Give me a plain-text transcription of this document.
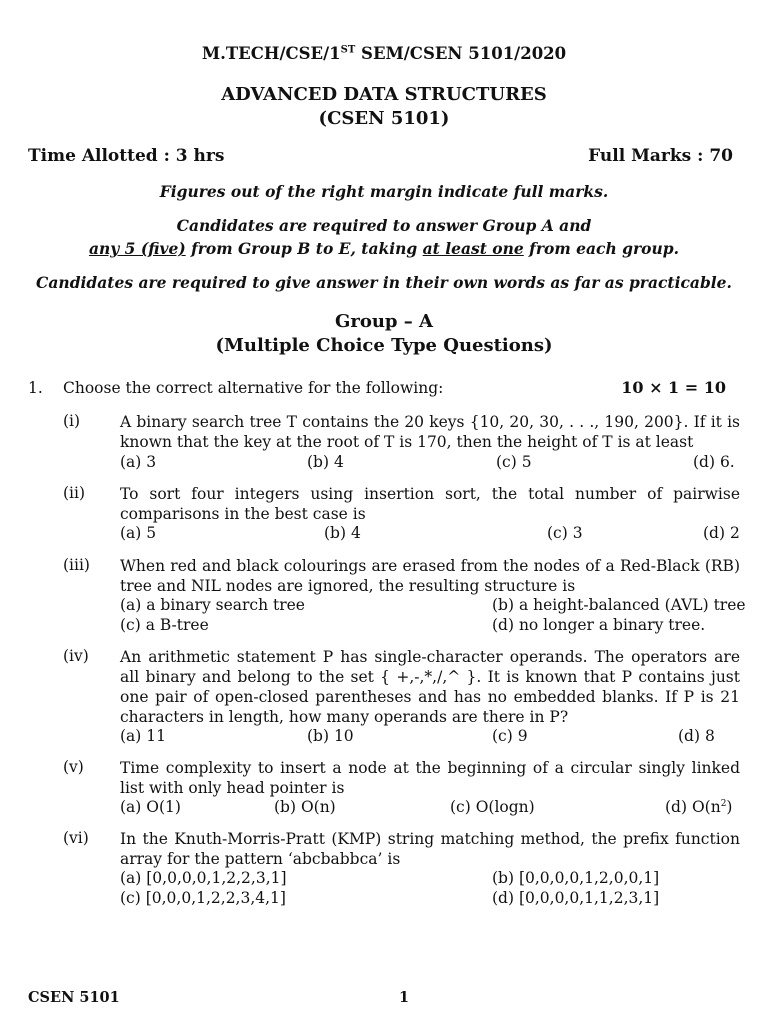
M.TECH/CSE/1ST SEM/CSEN 5101/2020
ADVANCED DATA STRUCTURES
(CSEN 5101)
Time Allotted : 3 hrs	Full Marks : 70
Figures out of the right margin indicate full marks.
Candidates are required to answer Group A and
any 5 (five) from Group B to E, taking at least one from each group.
Candidates are required to give answer in their own words as far as practicable.
Group – A
(Multiple Choice Type Questions)
1. Choose the correct alternative for the following:	10 × 1 = 10
(i)	A binary search tree T contains the 20 keys {10, 20, 30, . . ., 190, 200}. If it is known that the key at the root of T is 170, then the height of T is at least
(a) 3	(b) 4	(c) 5	(d) 6.
(ii) To sort four integers using insertion sort, the total number of pairwise comparisons in the best case is
(a) 5	(b) 4	(c) 3	(d) 2
(iii) When red and black colourings are erased from the nodes of a Red-Black (RB) tree and NIL nodes are ignored, the resulting structure is
(a) a binary search tree	(b) a height-balanced (AVL) tree
(c) a B-tree	(d) no longer a binary tree.
(iv) An arithmetic statement P has single-character operands. The operators are all binary and belong to the set { +,-,*,/,^ }. It is known that P contains just one pair of open-closed parentheses and has no embedded blanks. If P is 21 characters in length, how many operands are there in P?
(a) 11	(b) 10	(c) 9	(d) 8
(v) Time complexity to insert a node at the beginning of a circular singly linked list with only head pointer is
(a) O(1)	(b) O(n)	(c) O(logn)	(d) $O(n^2)$
(vi) In the Knuth-Morris-Pratt (KMP) string matching method, the prefix function array for the pattern ‘abcbabbca’ is
(a) [0,0,0,0,1,2,2,3,1]	(b) [0,0,0,0,1,2,0,0,1]
(c) [0,0,0,1,2,2,3,4,1]	(d) [0,0,0,0,1,1,2,3,1]
CSEN 5101	1
